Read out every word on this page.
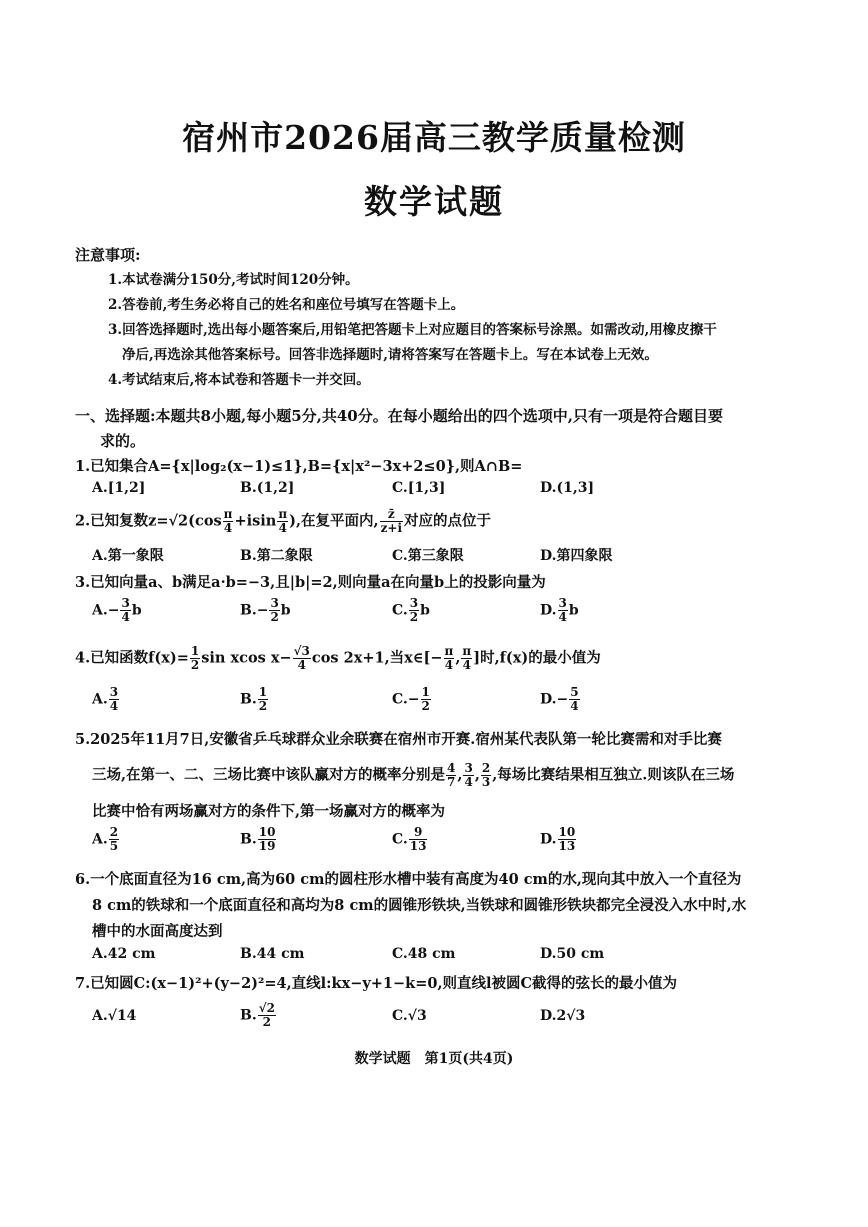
宿州市2026届高三教学质量检测
数学试题
注意事项:
1.本试卷满分150分,考试时间120分钟。
2.答卷前,考生务必将自己的姓名和座位号填写在答题卡上。
3.回答选择题时,选出每小题答案后,用铅笔把答题卡上对应题目的答案标号涂黑。如需改动,用橡皮擦干
净后,再选涂其他答案标号。回答非选择题时,请将答案写在答题卡上。写在本试卷上无效。
4.考试结束后,将本试卷和答题卡一并交回。
一、选择题:本题共8小题,每小题5分,共40分。在每小题给出的四个选项中,只有一项是符合题目要
求的。
1.已知集合A={x|log₂(x−1)≤1},B={x|x²−3x+2≤0},则A∩B=
A.[1,2]	B.(1,2]	C.[1,3]	D.(1,3]
2.已知复数$z=√2(\cos \frac{\pi}{4} +isin \frac{\pi}{4}$ ),在复平面内, $\frac{z̄}{z+i}$ 对应的点位于
A.第一象限	B.第二象限	C.第三象限	D.第四象限
3.已知向量a、b满足a·b=−3,且|b|=2,则向量a在向量b上的投影向量为
$A.- \frac{3}{4}$ b	$B.- \frac{3}{2}$ b	C. $\frac{3}{2}$ b	D. $\frac{3}{4}$ b
4.已知函数$f(x)= \frac{1}{2}$ sin xcos $x- \frac{√3}{4}$ cos 2x+1,当x∈[− $\frac{\pi}{4}$ , $\frac{\pi}{4}$ ]时,f(x)的最小值为
A. $\frac{3}{4}$	B. $\frac{1}{2}$	$C.- \frac{1}{2}$	$D.- \frac{5}{4}$
5.2025年11月7日,安徽省乒乓球群众业余联赛在宿州市开赛.宿州某代表队第一轮比赛需和对手比赛
三场,在第一、二、三场比赛中该队赢对方的概率分别是 $\frac{4}{7}$ , $\frac{3}{4}$ , $\frac{2}{3}$ ,每场比赛结果相互独立.则该队在三场
比赛中恰有两场赢对方的条件下,第一场赢对方的概率为
A. $\frac{2}{5}$	B. $\frac{10}{19}$	C. $\frac{9}{13}$	D. $\frac{10}{13}$
6.一个底面直径为16 cm,高为60 cm的圆柱形水槽中装有高度为40 cm的水,现向其中放入一个直径为
8 cm的铁球和一个底面直径和高均为8 cm的圆锥形铁块,当铁球和圆锥形铁块都完全浸没入水中时,水
槽中的水面高度达到
A.42 cm	B.44 cm	C.48 cm	D.50 cm
7.已知圆C:(x−1)²+(y−2)²=4,直线l:kx−y+1−k=0,则直线l被圆C截得的弦长的最小值为
A.√14	B. $\frac{√2}{2}$	C.√3	D.2√3
数学试题　第1页(共4页)
